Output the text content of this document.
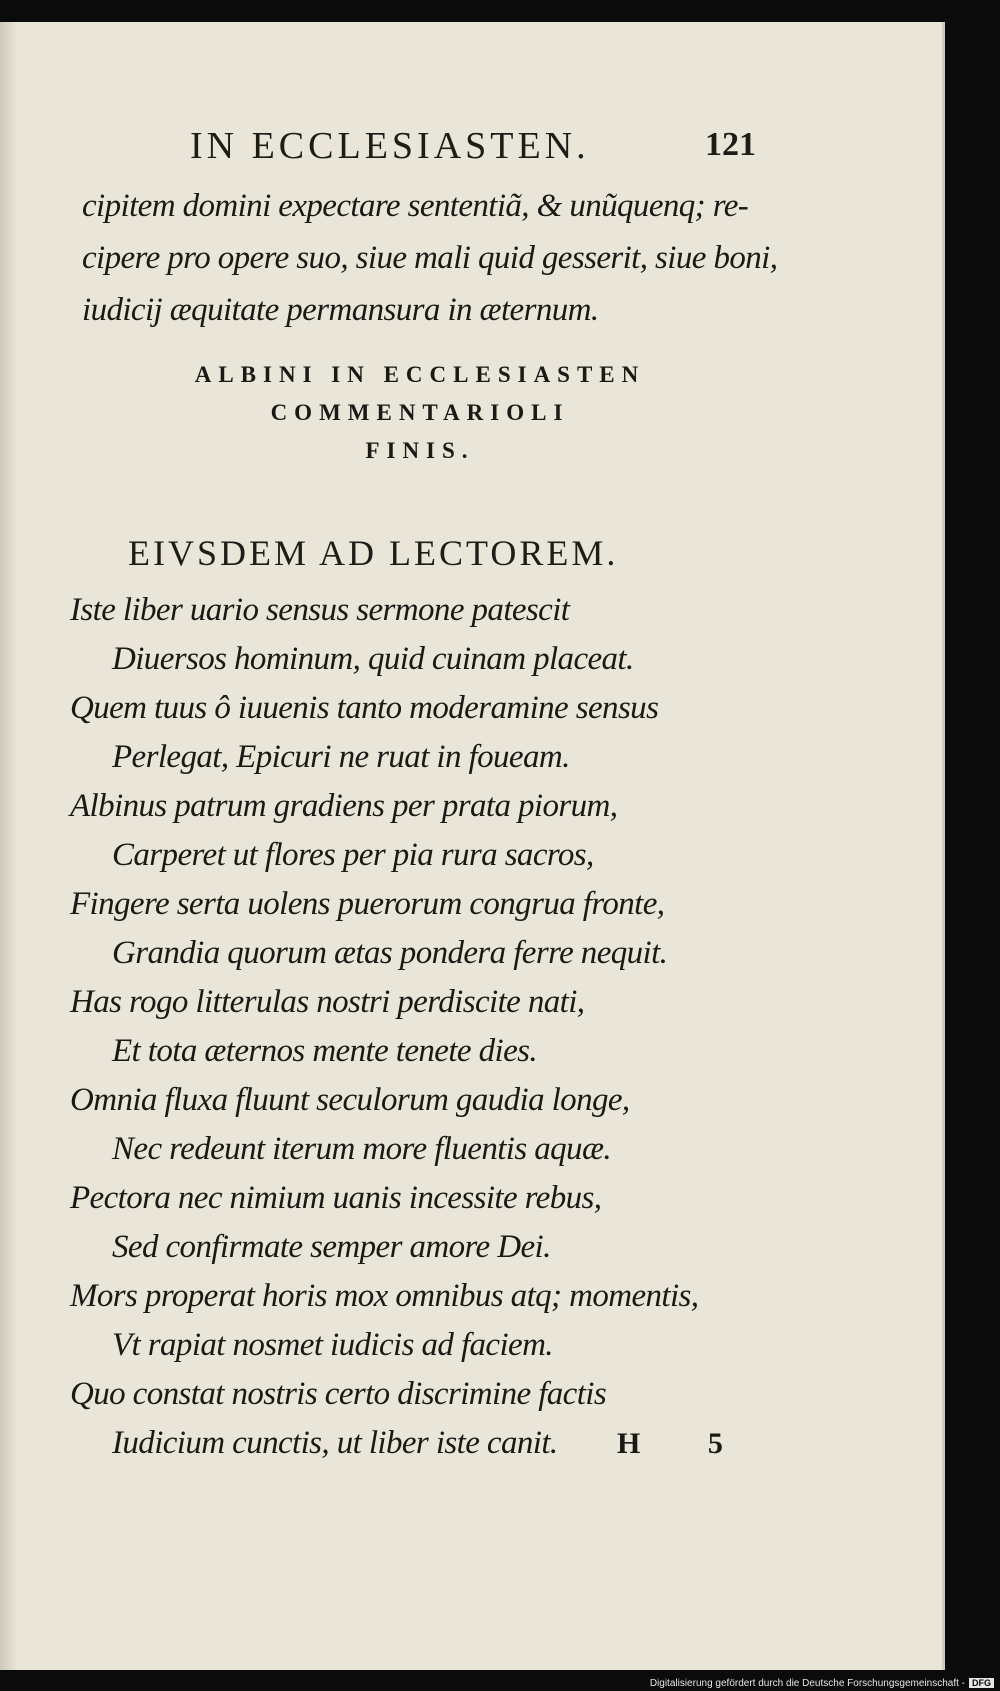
IN ECCLESIASTEN.	121
cipitem domini expectare sententiã, & unũquenq; re-
cipere pro opere suo, siue mali quid gesserit, siue boni,
iudicij æquitate permansura in æternum.
ALBINI IN ECCLESIASTEN
COMMENTARIOLI
FINIS.
EIVSDEM AD LECTOREM.
Iste liber uario sensus sermone patescit
Diuersos hominum, quid cuinam placeat.
Quem tuus ô iuuenis tanto moderamine sensus
Perlegat, Epicuri ne ruat in foueam.
Albinus patrum gradiens per prata piorum,
Carperet ut flores per pia rura sacros,
Fingere serta uolens puerorum congrua fronte,
Grandia quorum ætas pondera ferre nequit.
Has rogo litterulas nostri perdiscite nati,
Et tota æternos mente tenete dies.
Omnia fluxa fluunt seculorum gaudia longe,
Nec redeunt iterum more fluentis aquæ.
Pectora nec nimium uanis incessite rebus,
Sed confirmate semper amore Dei.
Mors properat horis mox omnibus atq; momentis,
Vt rapiat nosmet iudicis ad faciem.
Quo constat nostris certo discrimine factis
Iudicium cunctis, ut liber iste canit.	H 5
Digitalisierung gefördert durch die Deutsche Forschungsgemeinschaft - DFG
